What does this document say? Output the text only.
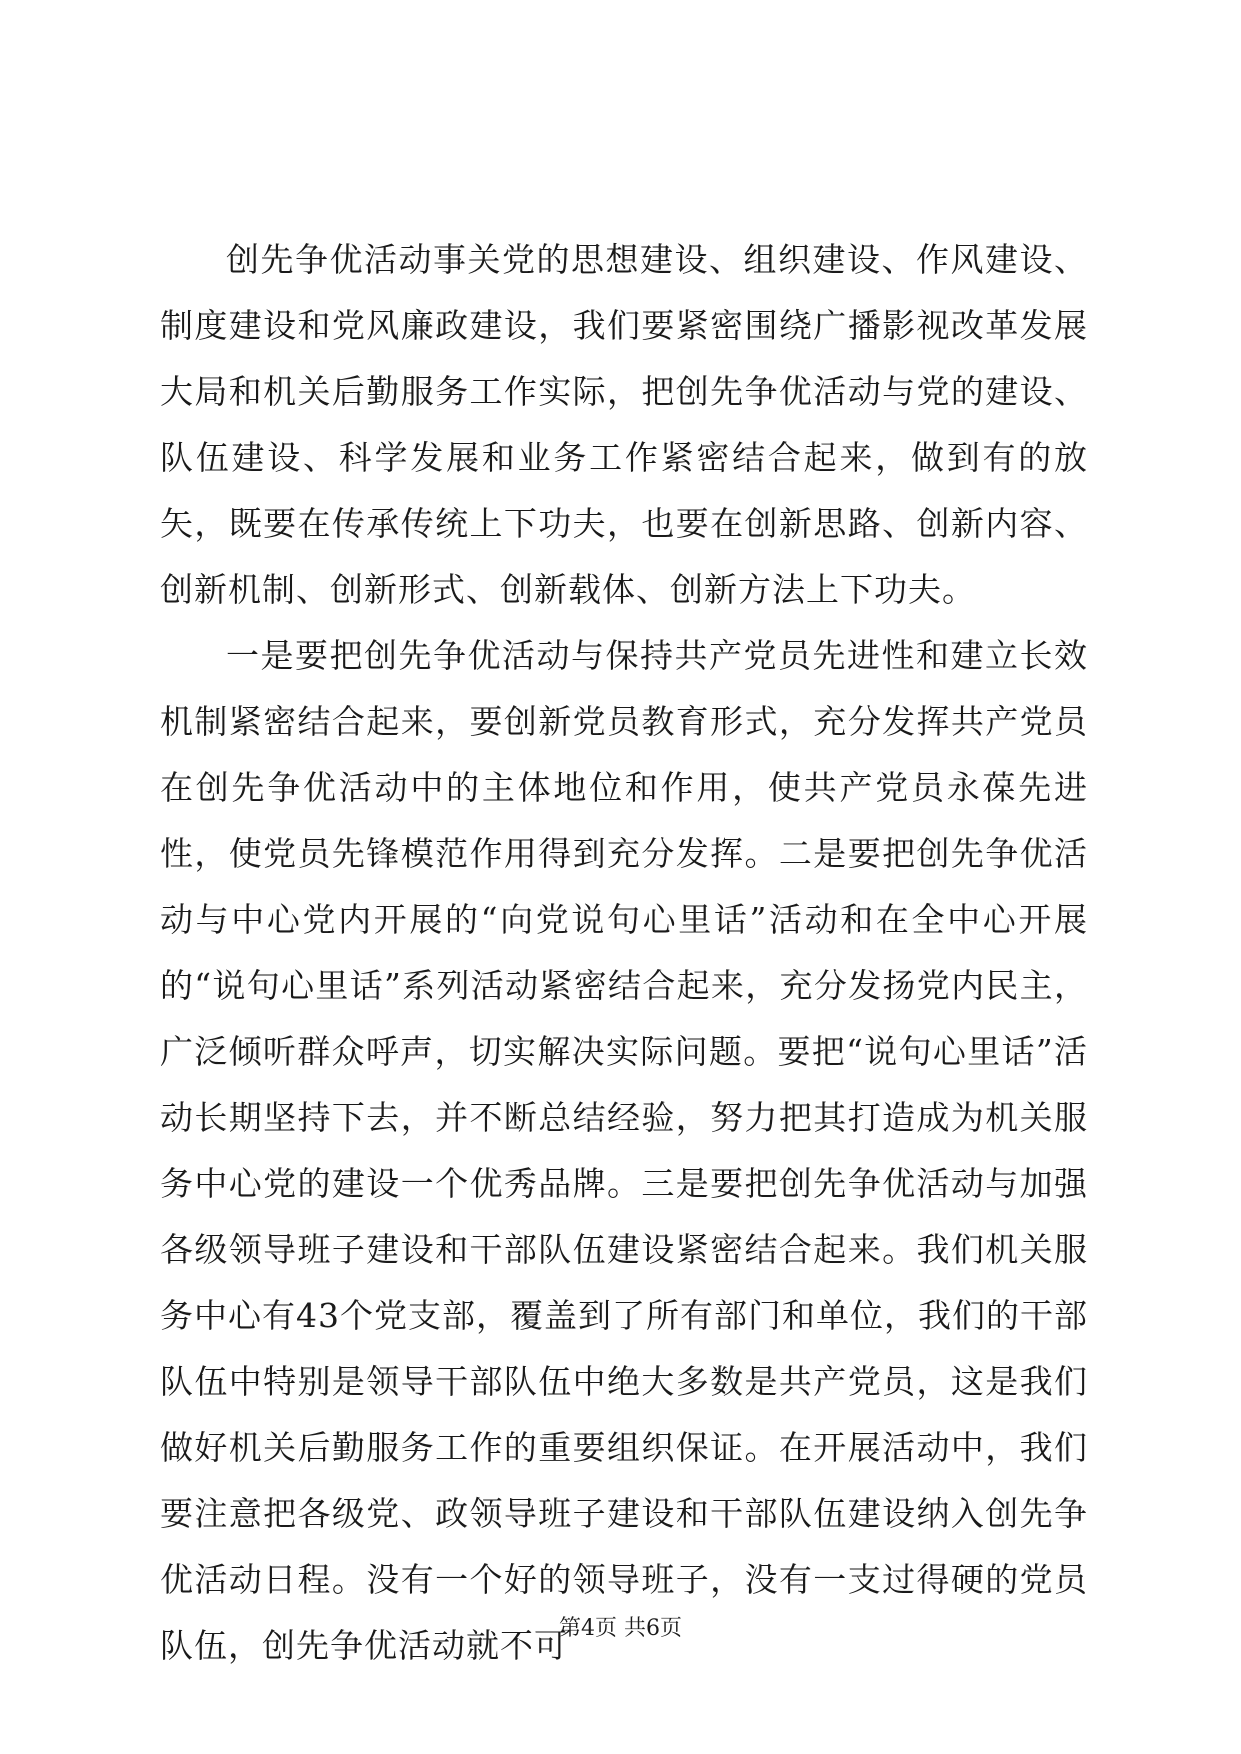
创先争优活动事关党的思想建设、组织建设、作风建设、制度建设和党风廉政建设，我们要紧密围绕广播影视改革发展大局和机关后勤服务工作实际，把创先争优活动与党的建设、队伍建设、科学发展和业务工作紧密结合起来，做到有的放矢，既要在传承传统上下功夫，也要在创新思路、创新内容、创新机制、创新形式、创新载体、创新方法上下功夫。

一是要把创先争优活动与保持共产党员先进性和建立长效机制紧密结合起来，要创新党员教育形式，充分发挥共产党员在创先争优活动中的主体地位和作用，使共产党员永葆先进性，使党员先锋模范作用得到充分发挥。二是要把创先争优活动与中心党内开展的“向党说句心里话”活动和在全中心开展的“说句心里话”系列活动紧密结合起来，充分发扬党内民主，广泛倾听群众呼声，切实解决实际问题。要把“说句心里话”活动长期坚持下去，并不断总结经验，努力把其打造成为机关服务中心党的建设一个优秀品牌。三是要把创先争优活动与加强各级领导班子建设和干部队伍建设紧密结合起来。我们机关服务中心有43个党支部，覆盖到了所有部门和单位，我们的干部队伍中特别是领导干部队伍中绝大多数是共产党员，这是我们做好机关后勤服务工作的重要组织保证。在开展活动中，我们要注意把各级党、政领导班子建设和干部队伍建设纳入创先争优活动日程。没有一个好的领导班子，没有一支过得硬的党员队伍，创先争优活动就不可

第4页 共6页
